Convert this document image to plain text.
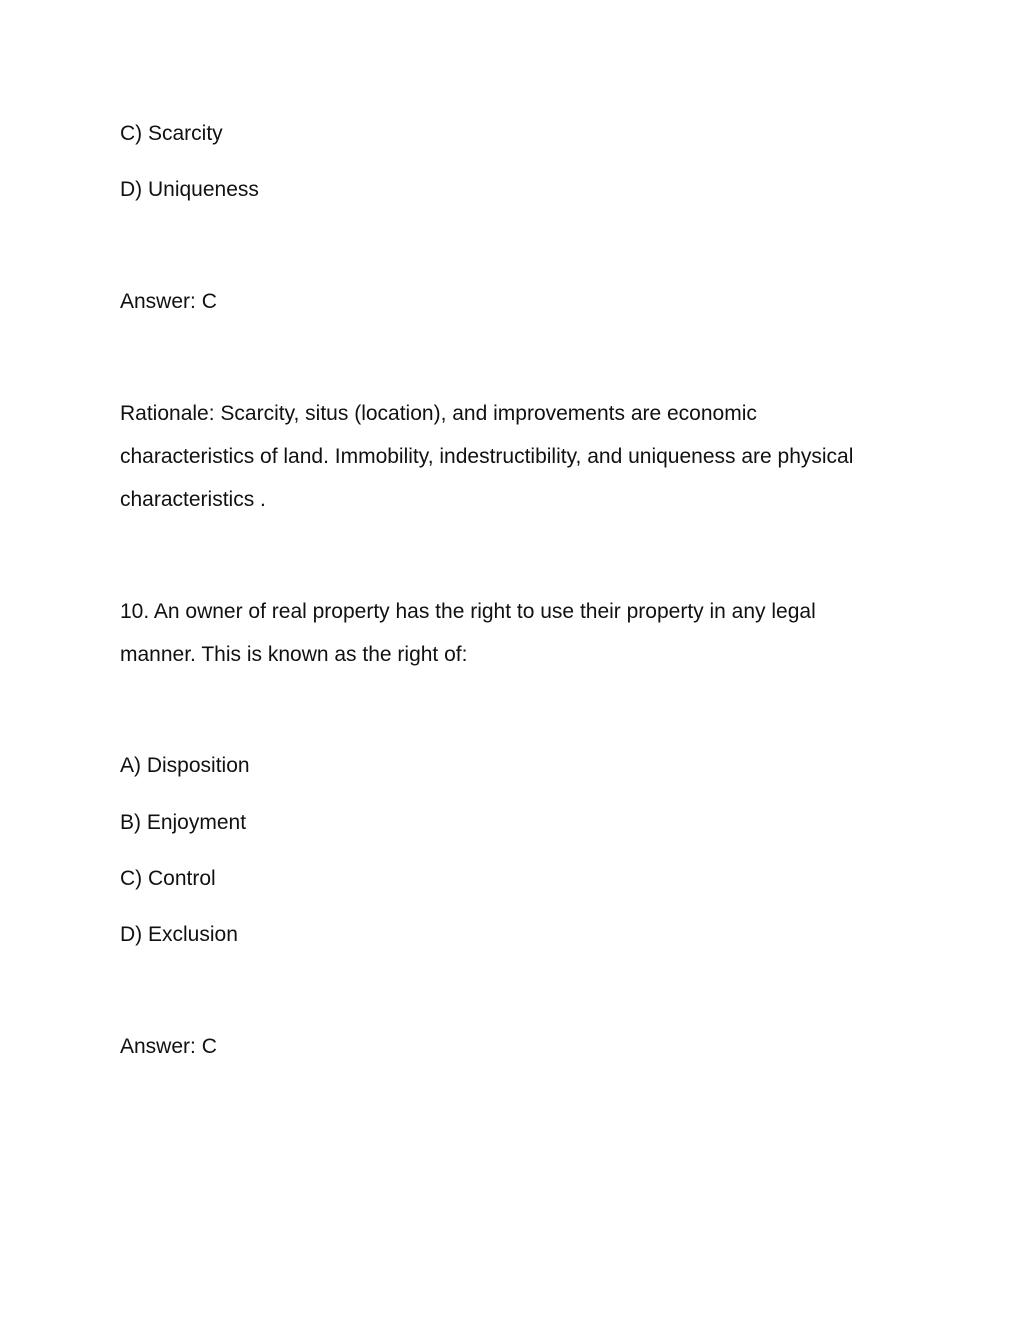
C) Scarcity
D) Uniqueness
Answer: C
Rationale: Scarcity, situs (location), and improvements are economic
characteristics of land. Immobility, indestructibility, and uniqueness are physical
characteristics .
10. An owner of real property has the right to use their property in any legal
manner. This is known as the right of:
A) Disposition
B) Enjoyment
C) Control
D) Exclusion
Answer: C
